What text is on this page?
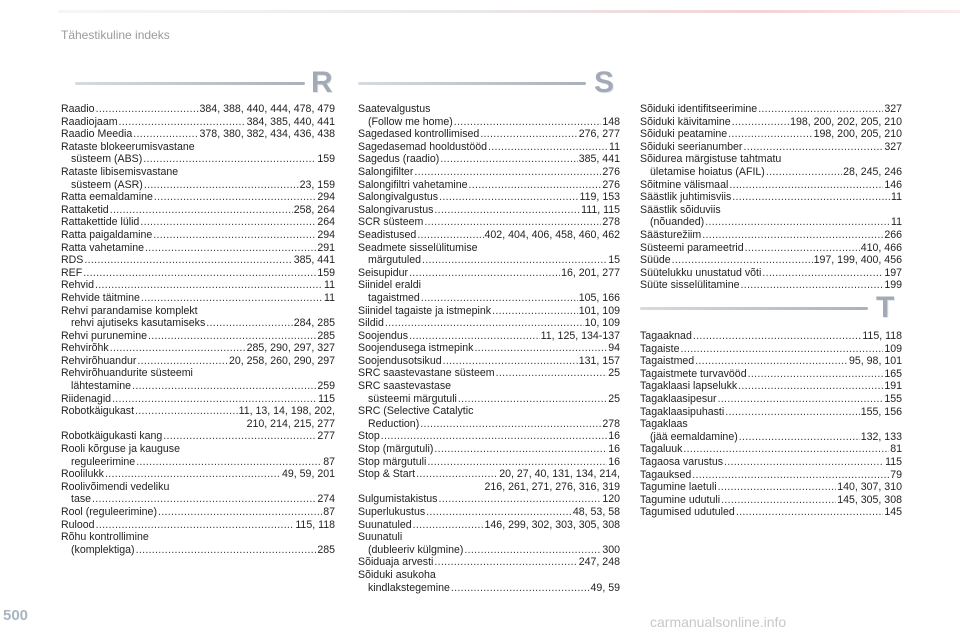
Tähestikuline indeks
R	S
T
Raadio .....	384, 388, 440, 444, 478, 479
Raadiojaam .....	384, 385, 440, 441
Raadio Meedia .....	378, 380, 382, 434, 436, 438
Rataste blokeerumisvastane
süsteem (ABS) .....	159
Rataste libisemisvastane
süsteem (ASR) .....	23, 159
Ratta eemaldamine .....	294
Rattaketid .....	258, 264
Rattakettide lülid .....	264
Ratta paigaldamine .....	294
Ratta vahetamine .....	291
RDS .....	385, 441
REF .....	159
Rehvid .....	11
Rehvide täitmine .....	11
Rehvi parandamise komplekt
rehvi ajutiseks kasutamiseks .....	284, 285
Rehvi purunemine .....	285
Rehvirõhk .....	285, 290, 297, 327
Rehvirõhuandur .....	20, 258, 260, 290, 297
Rehvirõhuandurite süsteemi
lähtestamine .....	259
Riidenagid .....	115
Robotkäigukast .....	11, 13, 14, 198, 202,
210, 214, 215, 277
Robotkäigukasti kang .....	277
Rooli kõrguse ja kauguse
reguleerimine .....	87
Roolilukk .....	49, 59, 201
Roolivõimendi vedeliku
tase .....	274
Rool (reguleerimine) .....	87
Rulood .....	115, 118
Rõhu kontrollimine
(komplektiga) .....	285
Saatevalgustus
(Follow me home) .....	148
Sagedased kontrollimised .....	276, 277
Sagedasemad hooldustööd .....	11
Sagedus (raadio) .....	385, 441
Salongifilter .....	276
Salongifiltri vahetamine .....	276
Salongivalgustus .....	119, 153
Salongivarustus .....	111, 115
SCR süsteem .....	278
Seadistused .....	402, 404, 406, 458, 460, 462
Seadmete sisselülitumise
märgutuled .....	15
Seisupidur .....	16, 201, 277
Siinidel eraldi
tagaistmed .....	105, 166
Siinidel tagaiste ja istmepink .....	101, 109
Sildid .....	10, 109
Soojendus .....	11, 125, 134-137
Soojendusega istmepink .....	94
Soojendusotsikud .....	131, 157
SRC saastevastane süsteem .....	25
SRC saastevastase
süsteemi märgutuli .....	25
SRC (Selective Catalytic
Reduction) .....	278
Stop .....	16
Stop (märgutuli) .....	16
Stop märgutuli .....	16
Stop & Start .....	20, 27, 40, 131, 134, 214,
216, 261, 271, 276, 316, 319
Sulgumistakistus .....	120
Superlukustus .....	48, 53, 58
Suunatuled .....	146, 299, 302, 303, 305, 308
Suunatuli
(dubleeriv külgmine) .....	300
Sõiduaja arvesti .....	247, 248
Sõiduki asukoha
kindlakstegemine .....	49, 59
Sõiduki identifitseerimine .....	327
Sõiduki käivitamine .....	198, 200, 202, 205, 210
Sõiduki peatamine .....	198, 200, 205, 210
Sõiduki seerianumber .....	327
Sõidurea märgistuse tahtmatu
ületamise hoiatus (AFIL) .....	28, 245, 246
Sõitmine välismaal .....	146
Säästlik juhtimisviis .....	11
Säästlik sõiduviis
(nõuanded) .....	11
Säästurežiim .....	266
Süsteemi parameetrid .....	410, 466
Süüde .....	197, 199, 400, 456
Süütelukku unustatud võti .....	197
Süüte sisselülitamine .....	199
Tagaaknad .....	115, 118
Tagaiste .....	109
Tagaistmed .....	95, 98, 101
Tagaistmete turvavööd .....	165
Tagaklaasi lapselukk .....	191
Tagaklaasipesur .....	155
Tagaklaasipuhasti .....	155, 156
Tagaklaas
(jää eemaldamine) .....	132, 133
Tagaluuk .....	81
Tagaosa varustus .....	115
Tagauksed .....	79
Tagumine laetuli .....	140, 307, 310
Tagumine udutuli .....	145, 305, 308
Tagumised udutuled .....	145
500	carmanualsonline.info
